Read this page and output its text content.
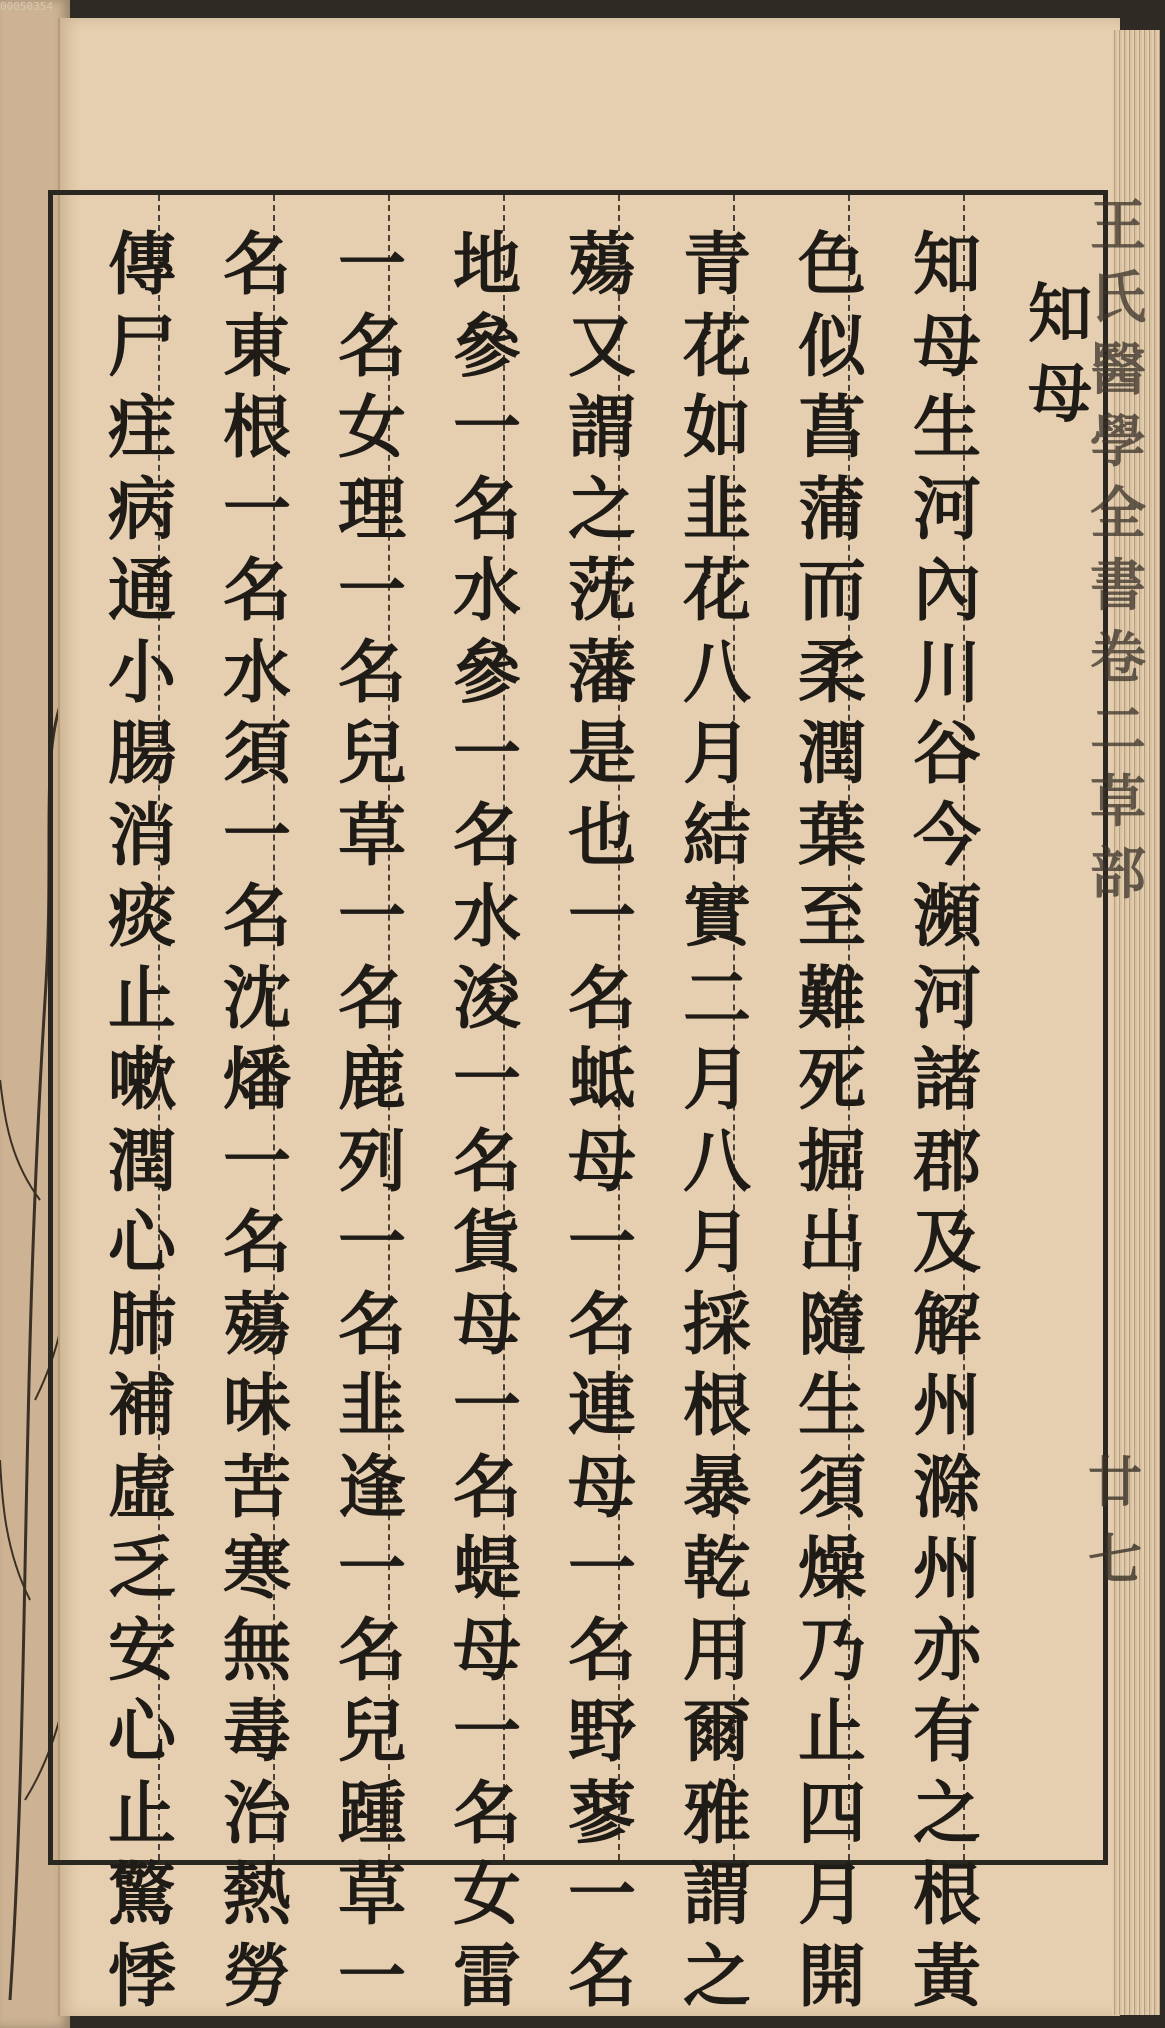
00050354
知母
知
母
生
河
內
川
谷
今
瀕
河
諸
郡
及
解
州
滁
州
亦
有
之
根
黃
色
似
菖
蒲
而
柔
潤
葉
至
難
死
掘
出
隨
生
須
燥
乃
止
四
月
開
青
花
如
韭
花
八
月
結
實
二
月
八
月
採
根
暴
乾
用
爾
雅
謂
之
薚
又
謂
之
莐
藩
是
也
一
名
蚳
母
一
名
連
母
一
名
野
蓼
一
名
地
參
一
名
水
參
一
名
水
浚
一
名
貨
母
一
名
蝭
母
一
名
女
雷
一
名
女
理
一
名
兒
草
一
名
鹿
列
一
名
韭
逢
一
名
兒
踵
草
一
名
東
根
一
名
水
須
一
名
沈
燔
一
名
薚
味
苦
寒
無
毒
治
熱
勞
傳
尸
疰
病
通
小
腸
消
痰
止
嗽
潤
心
肺
補
虛
乏
安
心
止
驚
悸
王
氏
醫
學
全
書
卷
二
草
部
廿七
